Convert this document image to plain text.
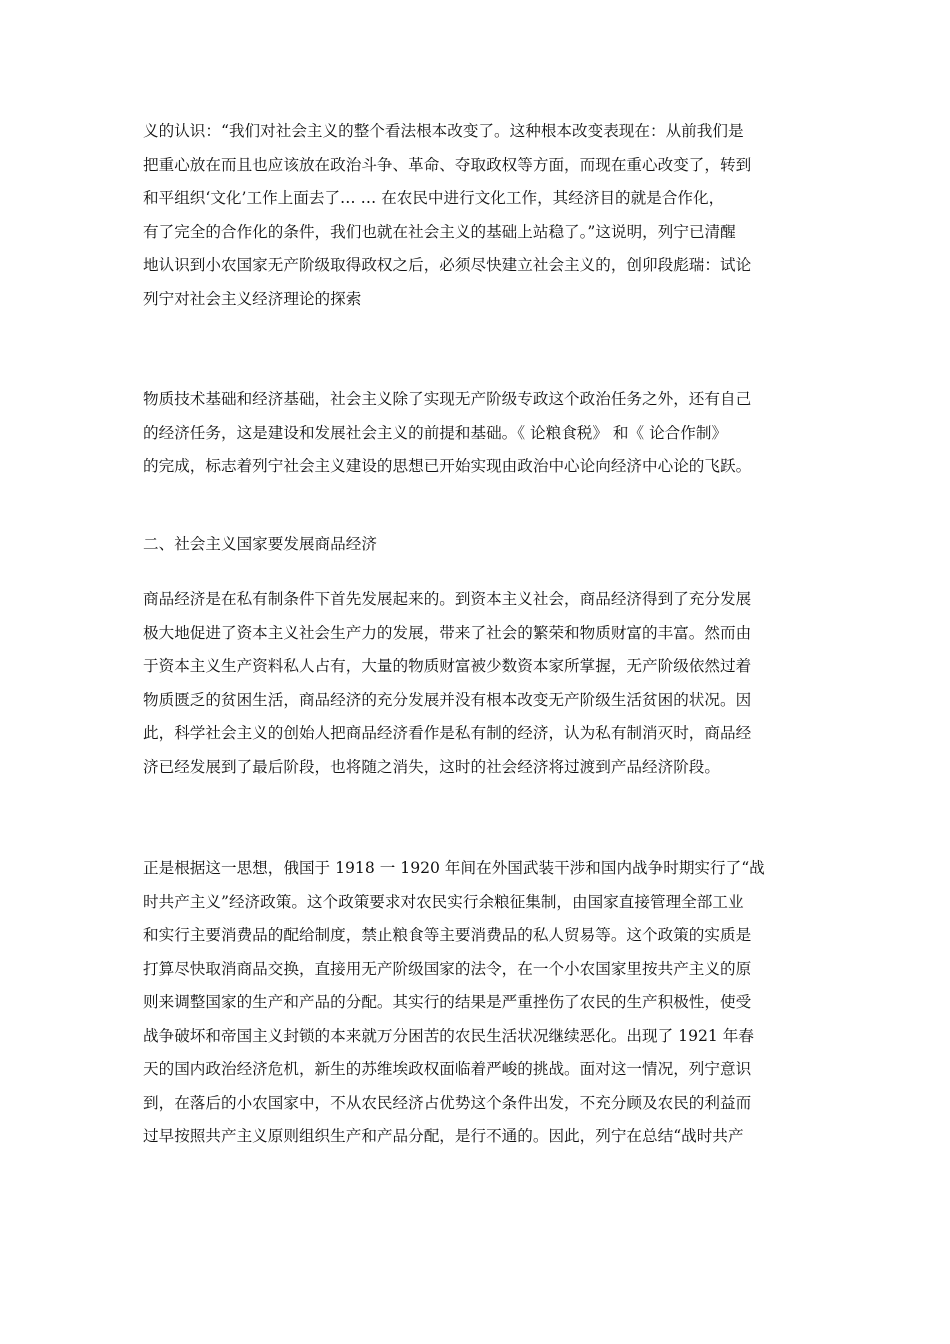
义的认识：“我们对社会主义的整个看法根本改变了。这种根本改变表现在：从前我们是
把重心放在而且也应该放在政治斗争、革命、夺取政权等方面，而现在重心改变了，转到
和平组织‘文化’工作上面去了… … 在农民中进行文化工作，其经济目的就是合作化，
有了完全的合作化的条件，我们也就在社会主义的基础上站稳了。”这说明，列宁已清醒
地认识到小农国家无产阶级取得政权之后，必须尽快建立社会主义的，创卯段彪瑞：试论
列宁对社会主义经济理论的探索
物质技术基础和经济基础，社会主义除了实现无产阶级专政这个政治任务之外，还有自己
的经济任务，这是建设和发展社会主义的前提和基础。《 论粮食税》 和《 论合作制》
的完成，标志着列宁社会主义建设的思想已开始实现由政治中心论向经济中心论的飞跃。
二、社会主义国家要发展商品经济
商品经济是在私有制条件下首先发展起来的。到资本主义社会，商品经济得到了充分发展
极大地促进了资本主义社会生产力的发展，带来了社会的繁荣和物质财富的丰富。然而由
于资本主义生产资料私人占有，大量的物质财富被少数资本家所掌握，无产阶级依然过着
物质匮乏的贫困生活，商品经济的充分发展并没有根本改变无产阶级生活贫困的状况。因
此，科学社会主义的创始人把商品经济看作是私有制的经济，认为私有制消灭时，商品经
济已经发展到了最后阶段，也将随之消失，这时的社会经济将过渡到产品经济阶段。
正是根据这一思想，俄国于 1918 一 1920 年间在外国武装干涉和国内战争时期实行了“战
时共产主义”经济政策。这个政策要求对农民实行余粮征集制，由国家直接管理全部工业
和实行主要消费品的配给制度，禁止粮食等主要消费品的私人贸易等。这个政策的实质是
打算尽快取消商品交换，直接用无产阶级国家的法令，在一个小农国家里按共产主义的原
则来调整国家的生产和产品的分配。其实行的结果是严重挫伤了农民的生产积极性，使受
战争破坏和帝国主义封锁的本来就万分困苦的农民生活状况继续恶化。出现了 1921 年春
天的国内政治经济危机，新生的苏维埃政权面临着严峻的挑战。面对这一情况，列宁意识
到，在落后的小农国家中，不从农民经济占优势这个条件出发，不充分顾及农民的利益而
过早按照共产主义原则组织生产和产品分配，是行不通的。因此，列宁在总结“战时共产
